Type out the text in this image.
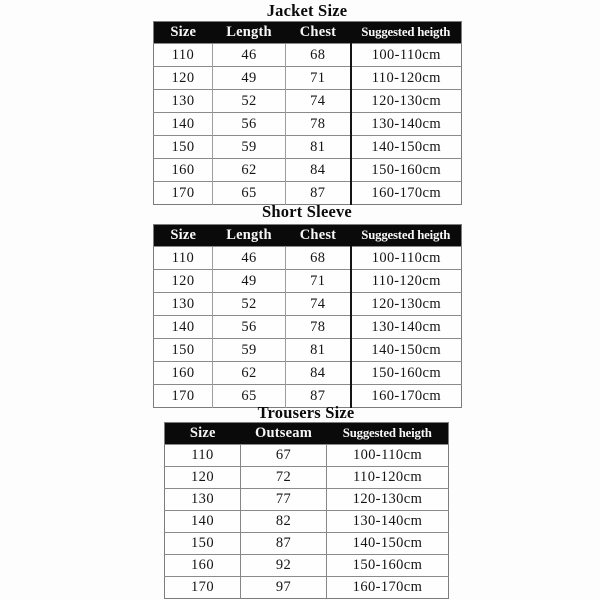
Jacket Size
Size	Length	Chest	Suggested heigth
110	46	68	100-110cm
120	49	71	110-120cm
130	52	74	120-130cm
140	56	78	130-140cm
150	59	81	140-150cm
160	62	84	150-160cm
170	65	87	160-170cm
Short Sleeve
Size	Length	Chest	Suggested heigth
110	46	68	100-110cm
120	49	71	110-120cm
130	52	74	120-130cm
140	56	78	130-140cm
150	59	81	140-150cm
160	62	84	150-160cm
170	65	87	160-170cm
Trousers Size
Size	Outseam	Suggested heigth
110	67	100-110cm
120	72	110-120cm
130	77	120-130cm
140	82	130-140cm
150	87	140-150cm
160	92	150-160cm
170	97	160-170cm
